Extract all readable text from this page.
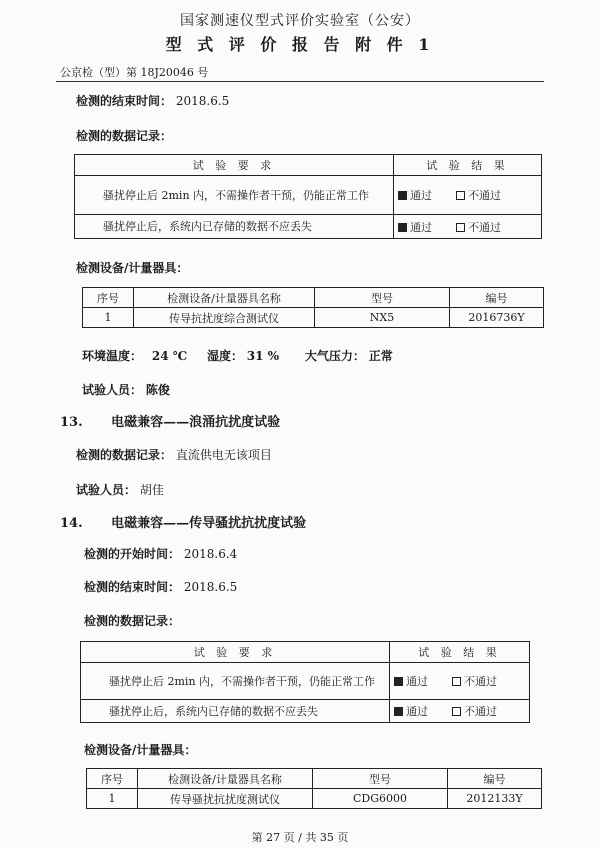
国家测速仪型式评价实验室（公安）
型 式 评 价 报 告 附 件 1
公京检（型）第 18J20046 号
检测的结束时间： 2018.6.5
检测的数据记录：
试 验 要 求	试 验 结 果
骚扰停止后 2min 内，不需操作者干预，仍能正常工作	通过 不通过
骚扰停止后，系统内已存储的数据不应丢失	通过 不通过
检测设备/计量器具：
序号	检测设备/计量器具名称	型号	编号
1	传导抗扰度综合测试仪	NX5	2016736Y
环境温度： 24 ℃ 湿度： 31 % 大气压力： 正常
试验人员： 陈俊
13. 电磁兼容——浪涌抗扰度试验
检测的数据记录： 直流供电无该项目
试验人员： 胡佳
14. 电磁兼容——传导骚扰抗扰度试验
检测的开始时间： 2018.6.4
检测的结束时间： 2018.6.5
检测的数据记录：
试 验 要 求	试 验 结 果
骚扰停止后 2min 内，不需操作者干预，仍能正常工作	通过 不通过
骚扰停止后，系统内已存储的数据不应丢失	通过 不通过
检测设备/计量器具：
序号	检测设备/计量器具名称	型号	编号
1	传导骚扰抗扰度测试仪	CDG6000	2012133Y
第 27 页 / 共 35 页
